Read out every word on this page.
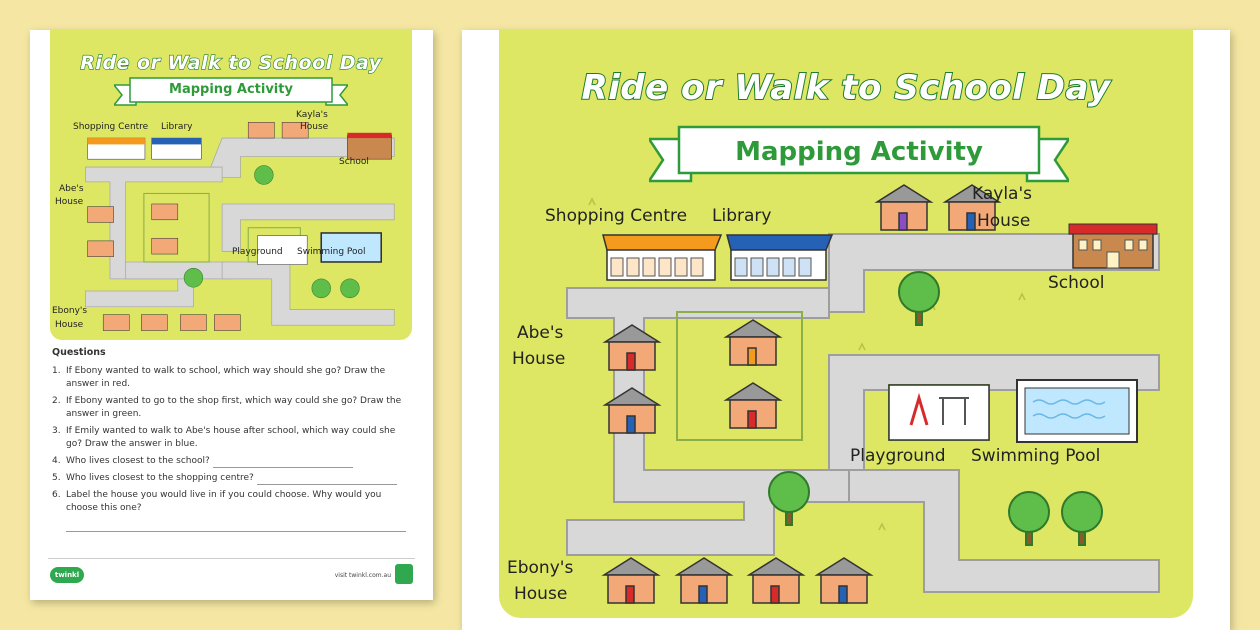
Ride or Walk to School Day
Mapping Activity
Shopping Centre Library
Kayla's
House
School
Abe's
House
Playground Swimming Pool
Ebony's
House
Questions
1. If Ebony wanted to walk to school, which way should she go? Draw the answer in red.
2. If Ebony wanted to go to the shop first, which way could she go? Draw the answer in green.
3. If Emily wanted to walk to Abe's house after school, which way could she go? Draw the answer in blue.
4. Who lives closest to the school?
5. Who lives closest to the shopping centre?
6. Label the house you would live in if you could choose. Why would you choose this one?
twinkl	visit twinkl.com.au
Ride or Walk to School Day
Mapping Activity
Shopping Centre Library
Kayla's
House
School
Abe's
House
Playground Swimming Pool
Ebony's
House
